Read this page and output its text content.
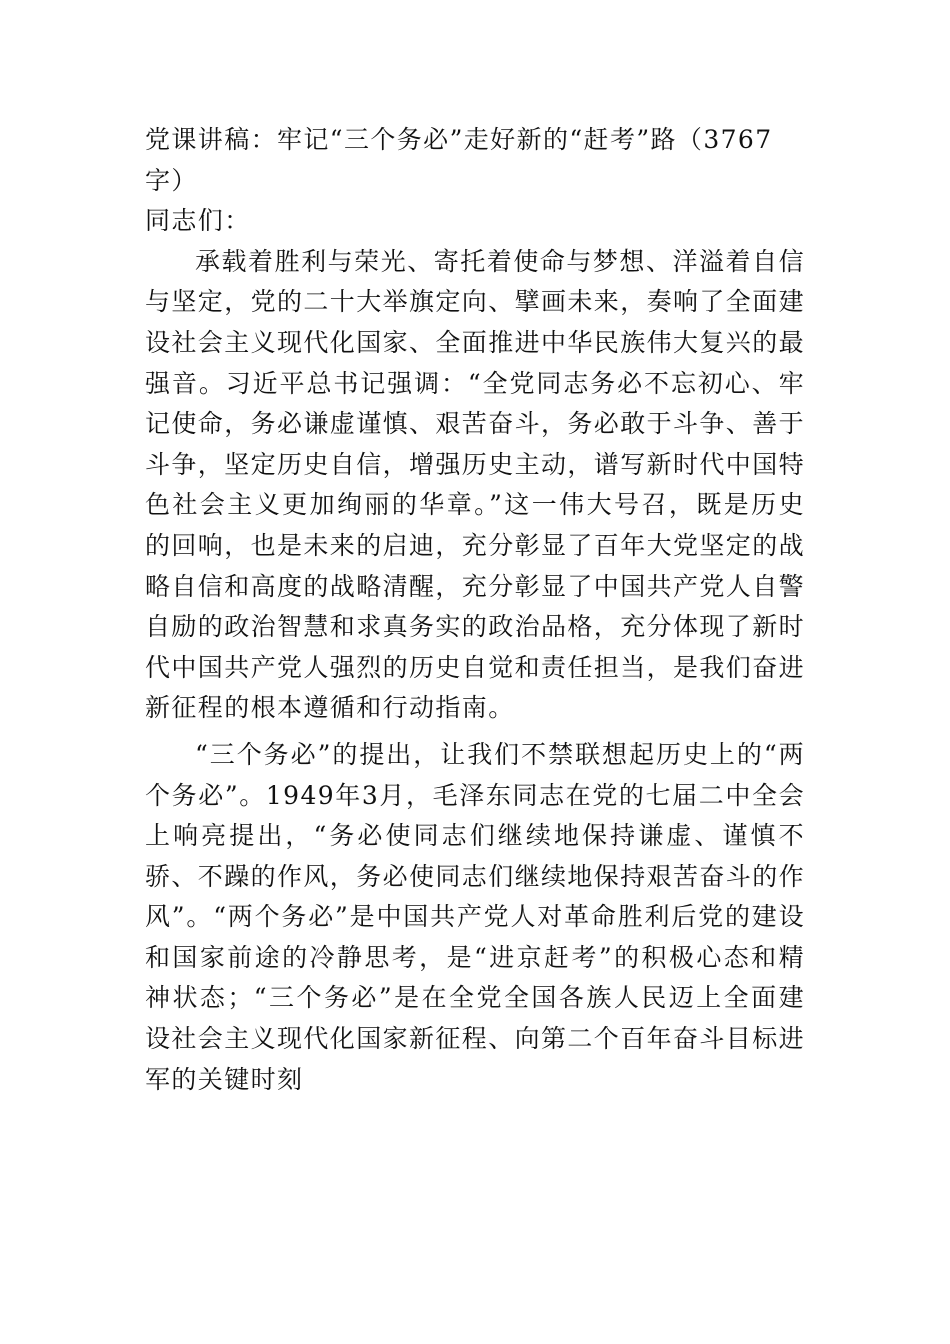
党课讲稿：牢记“三个务必”走好新的“赶考”路（3767字）

同志们：

承载着胜利与荣光、寄托着使命与梦想、洋溢着自信与坚定，党的二十大举旗定向、擘画未来，奏响了全面建设社会主义现代化国家、全面推进中华民族伟大复兴的最强音。习近平总书记强调：“全党同志务必不忘初心、牢记使命，务必谦虚谨慎、艰苦奋斗，务必敢于斗争、善于斗争，坚定历史自信，增强历史主动，谱写新时代中国特色社会主义更加绚丽的华章。”这一伟大号召，既是历史的回响，也是未来的启迪，充分彰显了百年大党坚定的战略自信和高度的战略清醒，充分彰显了中国共产党人自警自励的政治智慧和求真务实的政治品格，充分体现了新时代中国共产党人强烈的历史自觉和责任担当，是我们奋进新征程的根本遵循和行动指南。

“三个务必”的提出，让我们不禁联想起历史上的“两个务必”。1949年3月，毛泽东同志在党的七届二中全会上响亮提出，“务必使同志们继续地保持谦虚、谨慎不骄、不躁的作风，务必使同志们继续地保持艰苦奋斗的作风”。“两个务必”是中国共产党人对革命胜利后党的建设和国家前途的冷静思考，是“进京赶考”的积极心态和精神状态；“三个务必”是在全党全国各族人民迈上全面建设社会主义现代化国家新征程、向第二个百年奋斗目标进军的关键时刻
